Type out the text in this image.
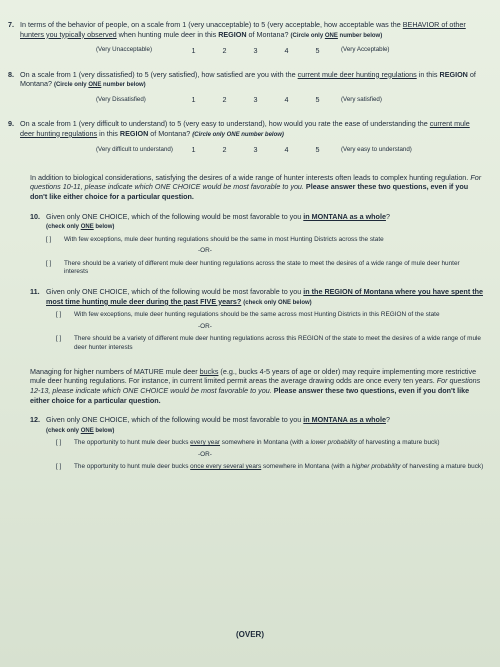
7. In terms of the behavior of people, on a scale from 1 (very unacceptable) to 5 (very acceptable, how acceptable was the BEHAVIOR of other hunters you typically observed when hunting mule deer in this REGION of Montana? (Circle only ONE number below)
(Very Unacceptable)	1	2	3	4	5	(Very Acceptable)
8. On a scale from 1 (very dissatisfied) to 5 (very satisfied), how satisfied are you with the current mule deer hunting regulations in this REGION of Montana? (Circle only ONE number below)
(Very Dissatisfied)	1	2	3	4	5	(Very satisfied)
9. On a scale from 1 (very difficult to understand) to 5 (very easy to understand), how would you rate the ease of understanding the current mule deer hunting regulations in this REGION of Montana? (Circle only ONE number below)
(Very difficult to understand)	1	2	3	4	5	(Very easy to understand)
In addition to biological considerations, satisfying the desires of a wide range of hunter interests often leads to complex hunting regulation. For questions 10-11, please indicate which ONE CHOICE would be most favorable to you. Please answer these two questions, even if you don't like either choice for a particular question.
10. Given only ONE CHOICE, which of the following would be most favorable to you in MONTANA as a whole?
(check only ONE below)
[ ]	With few exceptions, mule deer hunting regulations should be the same in most Hunting Districts across the state
-OR-
[ ]	There should be a variety of different mule deer hunting regulations across the state to meet the desires of a wide range of mule deer hunter interests
11. Given only ONE CHOICE, which of the following would be most favorable to you in the REGION of Montana where you have spent the most time hunting mule deer during the past FIVE years? (check only ONE below)
[ ]	With few exceptions, mule deer hunting regulations should be the same across most Hunting Districts in this REGION of the state
-OR-
[ ]	There should be a variety of different mule deer hunting regulations across this REGION of the state to meet the desires of a wide range of mule deer hunter interests
Managing for higher numbers of MATURE mule deer bucks (e.g., bucks 4-5 years of age or older) may require implementing more restrictive mule deer hunting regulations. For instance, in current limited permit areas the average drawing odds are once every ten years. For questions 12-13, please indicate which ONE CHOICE would be most favorable to you. Please answer these two questions, even if you don't like either choice for a particular question.
12. Given only ONE CHOICE, which of the following would be most favorable to you in MONTANA as a whole?
(check only ONE below)
[ ]	The opportunity to hunt mule deer bucks every year somewhere in Montana (with a lower probability of harvesting a mature buck)
-OR-
[ ]	The opportunity to hunt mule deer bucks once every several years somewhere in Montana (with a higher probability of harvesting a mature buck)
(OVER)
